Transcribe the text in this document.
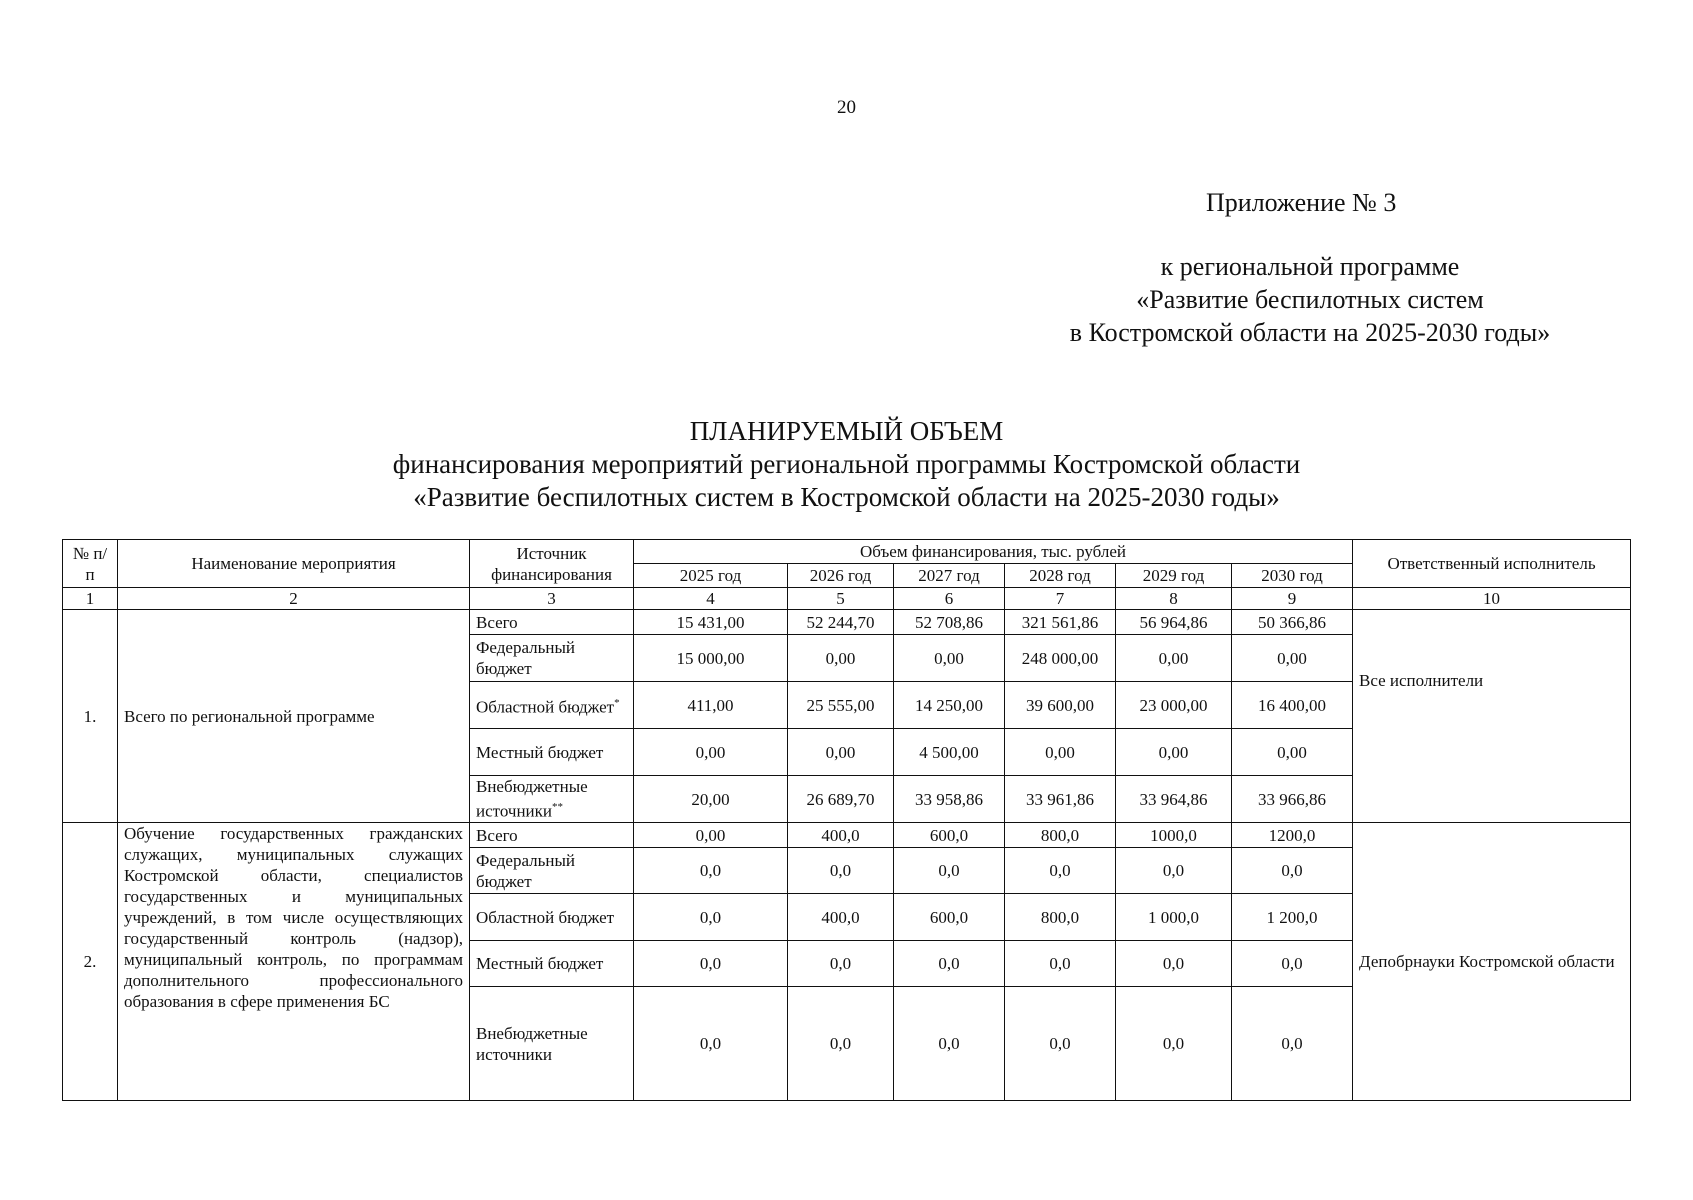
20
Приложение № 3
к региональной программе
«Развитие беспилотных систем
в Костромской области на 2025-2030 годы»
ПЛАНИРУЕМЫЙ ОБЪЕМ
финансирования мероприятий региональной программы Костромской области
«Развитие беспилотных систем в Костромской области на 2025-2030 годы»
№ п/п	Наименование мероприятия	Источник финансирования	Объем финансирования, тыс. рублей						Ответственный исполнитель
			2025 год	2026 год	2027 год	2028 год	2029 год	2030 год	
1	2	3	4	5	6	7	8	9	10
1.	Всего по региональной программе	Всего	15 431,00	52 244,70	52 708,86	321 561,86	56 964,86	50 366,86	Все исполнители
		Федеральный бюджет	15 000,00	0,00	0,00	248 000,00	0,00	0,00	
		Областной бюджет*	411,00	25 555,00	14 250,00	39 600,00	23 000,00	16 400,00	
		Местный бюджет	0,00	0,00	4 500,00	0,00	0,00	0,00	
		Внебюджетные источники**	20,00	26 689,70	33 958,86	33 961,86	33 964,86	33 966,86	
2.	Обучение государственных гражданских служащих, муниципальных служащих Костромской области, специалистов государственных и муниципальных учреждений, в том числе осуществляющих государственный контроль (надзор), муниципальный контроль, по программам дополнительного профессионального образования в сфере применения БС	Всего	0,00	400,0	600,0	800,0	1000,0	1200,0	Депобрнауки Костромской области
		Федеральный бюджет	0,0	0,0	0,0	0,0	0,0	0,0	
		Областной бюджет	0,0	400,0	600,0	800,0	1 000,0	1 200,0	
		Местный бюджет	0,0	0,0	0,0	0,0	0,0	0,0	
		Внебюджетные источники	0,0	0,0	0,0	0,0	0,0	0,0	
